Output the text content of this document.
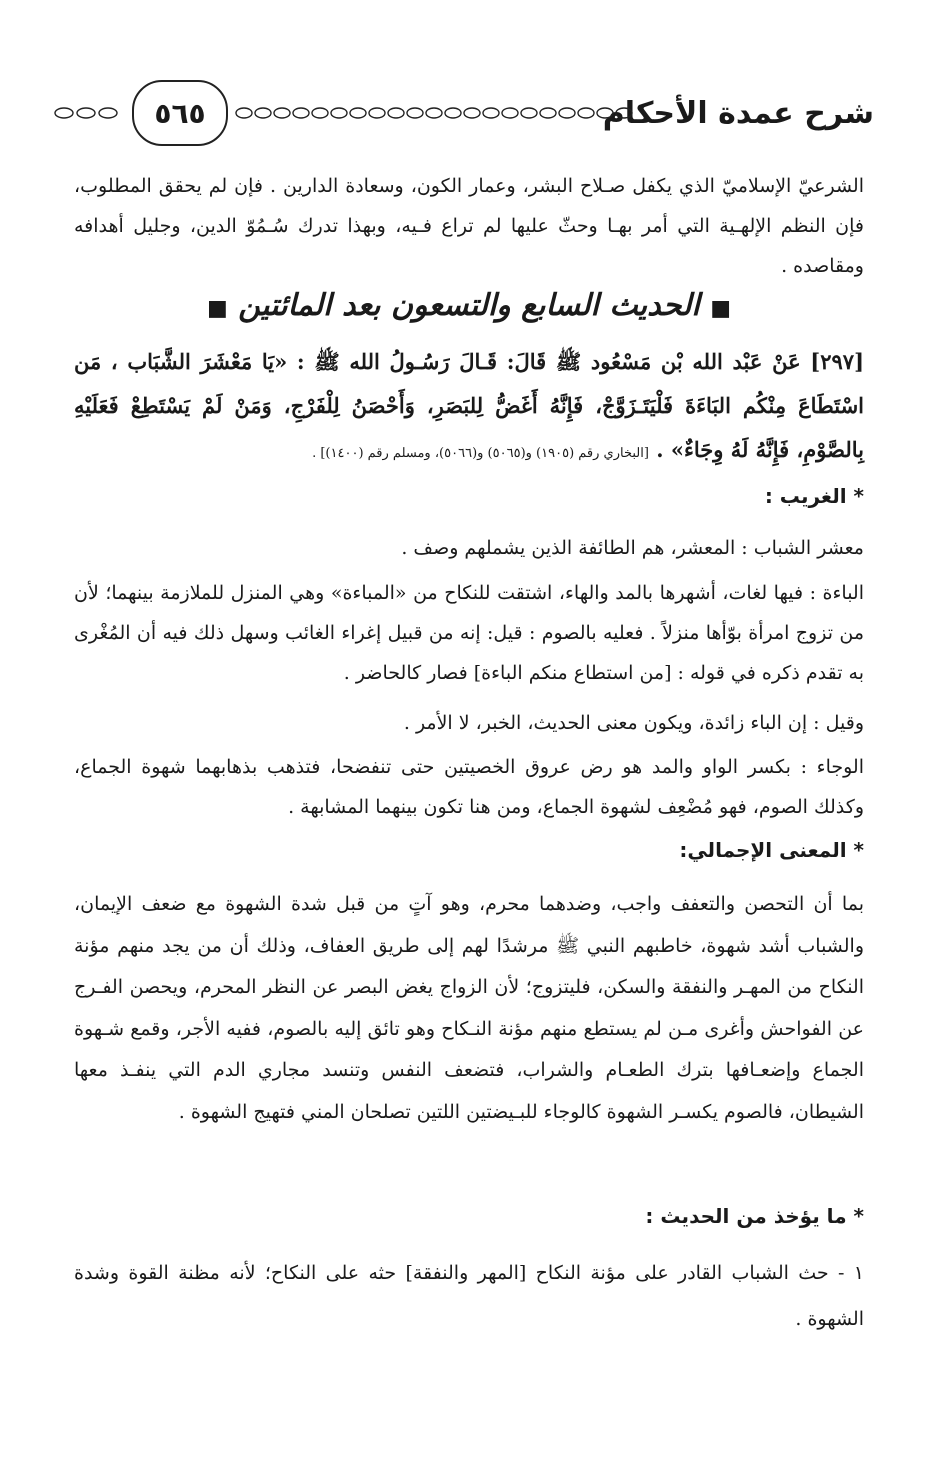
شرح عمدة الأحكام
٥٦٥
الشرعيّ الإسلاميّ الذي يكفل صـلاح البشر، وعمار الكون، وسعادة الدارين . فإن لم يحقق المطلوب، فإن النظم الإلهـية التي أمر بهـا وحثّ عليها لم تراع فـيه، وبهذا تدرك سُـمُوّ الدين، وجليل أهدافه ومقاصده .
■ الحديث السابع والتسعون بعد المائتين ■
[٢٩٧] عَنْ عَبْد الله بْن مَسْعُود ﷺ قَالَ: قَـالَ رَسُـولُ الله ﷺ : «يَا مَعْشَرَ الشَّبَاب ، مَن اسْتَطَاعَ مِنْكُم البَاءَةَ فَلْيَتَـزَوَّجْ، فَإِنَّهُ أَغَضُّ لِلبَصَرِ، وَأَحْصَنُ لِلْفَرْجِ، وَمَنْ لَمْ يَسْتَطِعْ فَعَلَيْهِ بِالصَّوْمِ، فَإِنَّهُ لَهُ وِجَاءٌ» . [البخاري رقم (١٩٠٥) و(٥٠٦٥) و(٥٠٦٦)، ومسلم رقم (١٤٠٠)] .
* الغريب :
معشر الشباب : المعشر، هم الطائفة الذين يشملهم وصف .
الباءة : فيها لغات، أشهرها بالمد والهاء، اشتقت للنكاح من «المباءة» وهي المنزل للملازمة بينهما؛ لأن من تزوج امرأة بوّأها منزلاً . فعليه بالصوم : قيل: إنه من قبيل إغراء الغائب وسهل ذلك فيه أن المُغْرى به تقدم ذكره في قوله : [من استطاع منكم الباءة] فصار كالحاضر .
وقيل : إن الباء زائدة، ويكون معنى الحديث، الخبر، لا الأمر .
الوجاء : بكسر الواو والمد هو رض عروق الخصيتين حتى تنفضحا، فتذهب بذهابهما شهوة الجماع، وكذلك الصوم، فهو مُضْعِف لشهوة الجماع، ومن هنا تكون بينهما المشابهة .
* المعنى الإجمالي:
بما أن التحصن والتعفف واجب، وضدهما محرم، وهو آتٍ من قبل شدة الشهوة مع ضعف الإيمان، والشباب أشد شهوة، خاطبهم النبي ﷺ مرشدًا لهم إلى طريق العفاف، وذلك أن من يجد منهم مؤنة النكاح من المهـر والنفقة والسكن، فليتزوج؛ لأن الزواج يغض البصر عن النظر المحرم، ويحصن الفـرج عن الفواحش وأغرى مـن لم يستطع منهم مؤنة النـكاح وهو تائق إليه بالصوم، ففيه الأجر، وقمع شـهوة الجماع وإضعـافها بترك الطعـام والشراب، فتضعف النفس وتنسد مجاري الدم التي ينفـذ معها الشيطان، فالصوم يكسـر الشهوة كالوجاء للبـيضتين اللتين تصلحان المني فتهيج الشهوة .
* ما يؤخذ من الحديث :
١ - حث الشباب القادر على مؤنة النكاح [المهر والنفقة] حثه على النكاح؛ لأنه مظنة القوة وشدة الشهوة .
